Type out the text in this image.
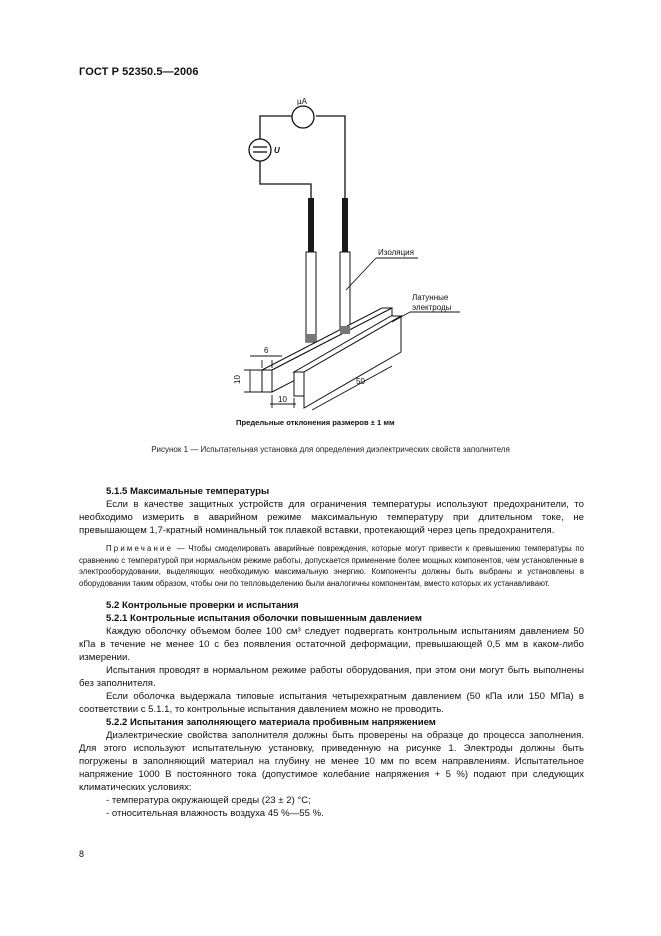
ГОСТ Р 52350.5—2006
µA
U
Изоляция
Латунные
электроды
6
10
10
50
Предельные отклонения размеров ± 1 мм
Рисунок 1 — Испытательная установка для определения диэлектрических свойств заполнителя

5.1.5 Максимальные температуры

Если в качестве защитных устройств для ограничения температуры используют предохранители, то необходимо измерить в аварийном режиме максимальную температуру при длительном токе, не превышающем 1,7-кратный номинальный ток плавкой вставки, протекающий через цепь предохранителя.

Примечание — Чтобы смоделировать аварийные повреждения, которые могут привести к превышению температуры по сравнению с температурой при нормальном режиме работы, допускается применение более мощных компонентов, чем установленные в электрооборудовании, выделяющих необходимую максимальную энергию. Компоненты должны быть выбраны и установлены в оборудовании таким образом, чтобы они по тепловыделению были аналогичны компонентам, вместо которых их устанавливают.

5.2 Контрольные проверки и испытания

5.2.1 Контрольные испытания оболочки повышенным давлением

Каждую оболочку объемом более 100 см³ следует подвергать контрольным испытаниям давлением 50 кПа в течение не менее 10 с без появления остаточной деформации, превышающей 0,5 мм в каком-либо измерении.

Испытания проводят в нормальном режиме работы оборудования, при этом они могут быть выполнены без заполнителя.

Если оболочка выдержала типовые испытания четырехкратным давлением (50 кПа или 150 МПа) в соответствии с 5.1.1, то контрольные испытания давлением можно не проводить.

5.2.2 Испытания заполняющего материала пробивным напряжением

Диэлектрические свойства заполнителя должны быть проверены на образце до процесса заполнения. Для этого используют испытательную установку, приведенную на рисунке 1. Электроды должны быть погружены в заполняющий материал на глубину не менее 10 мм по всем направлениям. Испытательное напряжение 1000 В постоянного тока (допустимое колебание напряжения + 5 %) подают при следующих климатических условиях:

- температура окружающей среды (23 ± 2) °С;

- относительная влажность воздуха 45 %—55 %.

8
